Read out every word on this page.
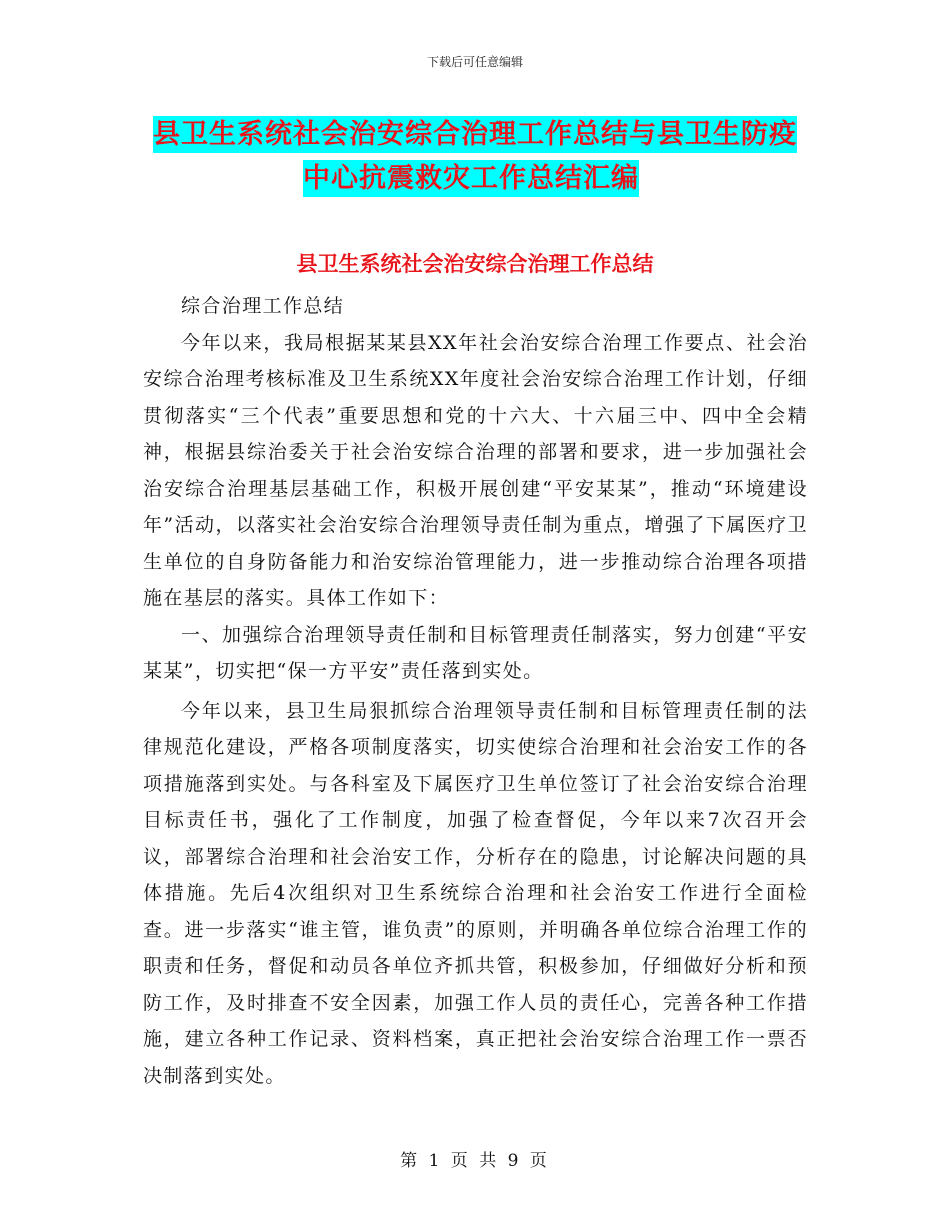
下载后可任意编辑
县卫生系统社会治安综合治理工作总结与县卫生防疫
中心抗震救灾工作总结汇编
县卫生系统社会治安综合治理工作总结

综合治理工作总结

今年以来，我局根据某某县XX年社会治安综合治理工作要点、社会治安综合治理考核标准及卫生系统XX年度社会治安综合治理工作计划，仔细贯彻落实“三个代表”重要思想和党的十六大、十六届三中、四中全会精神，根据县综治委关于社会治安综合治理的部署和要求，进一步加强社会治安综合治理基层基础工作，积极开展创建“平安某某”，推动“环境建设年”活动，以落实社会治安综合治理领导责任制为重点，增强了下属医疗卫生单位的自身防备能力和治安综治管理能力，进一步推动综合治理各项措施在基层的落实。具体工作如下：

一、加强综合治理领导责任制和目标管理责任制落实，努力创建“平安某某”，切实把“保一方平安”责任落到实处。

今年以来，县卫生局狠抓综合治理领导责任制和目标管理责任制的法律规范化建设，严格各项制度落实，切实使综合治理和社会治安工作的各项措施落到实处。与各科室及下属医疗卫生单位签订了社会治安综合治理目标责任书，强化了工作制度，加强了检查督促，今年以来7次召开会议，部署综合治理和社会治安工作，分析存在的隐患，讨论解决问题的具体措施。先后4次组织对卫生系统综合治理和社会治安工作进行全面检查。进一步落实“谁主管，谁负责”的原则，并明确各单位综合治理工作的职责和任务，督促和动员各单位齐抓共管，积极参加，仔细做好分析和预防工作，及时排查不安全因素，加强工作人员的责任心，完善各种工作措施，建立各种工作记录、资料档案，真正把社会治安综合治理工作一票否决制落到实处。

第 1 页 共 9 页
